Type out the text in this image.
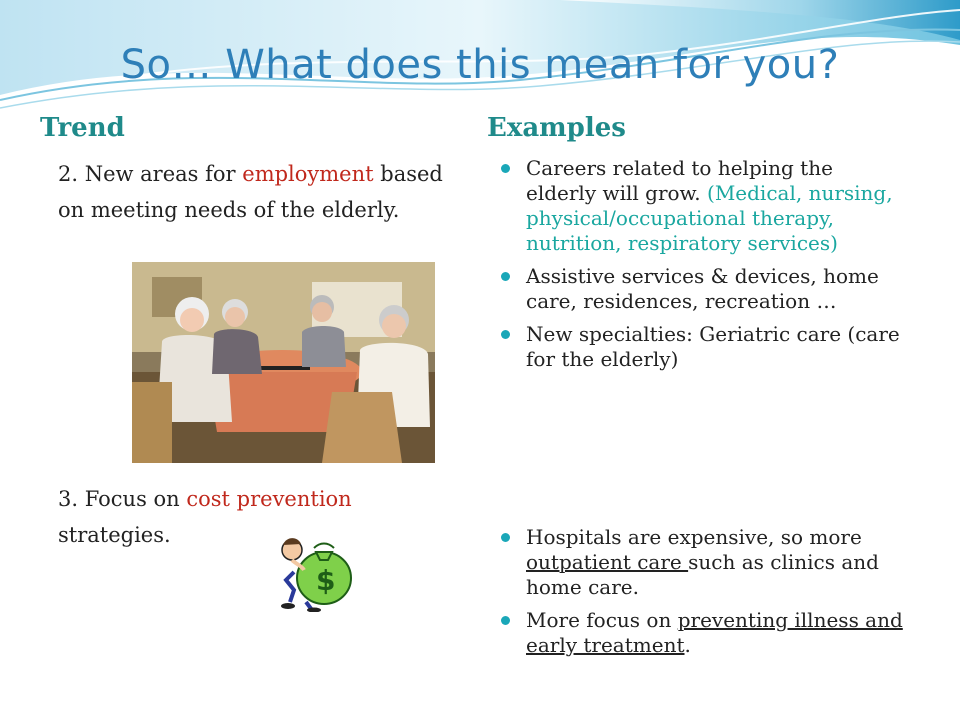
So… What does this mean for you?
Trend	Examples
2. New areas for employment based on meeting needs of the elderly.
3. Focus on cost prevention strategies.
$
Careers related to helping the elderly will grow. (Medical, nursing, physical/occupational therapy, nutrition, respiratory services)
Assistive services & devices, home care, residences, recreation …
New specialties: Geriatric care (care for the elderly)
Hospitals are expensive, so more outpatient care such as clinics and home care.
More focus on preventing illness and early treatment.
